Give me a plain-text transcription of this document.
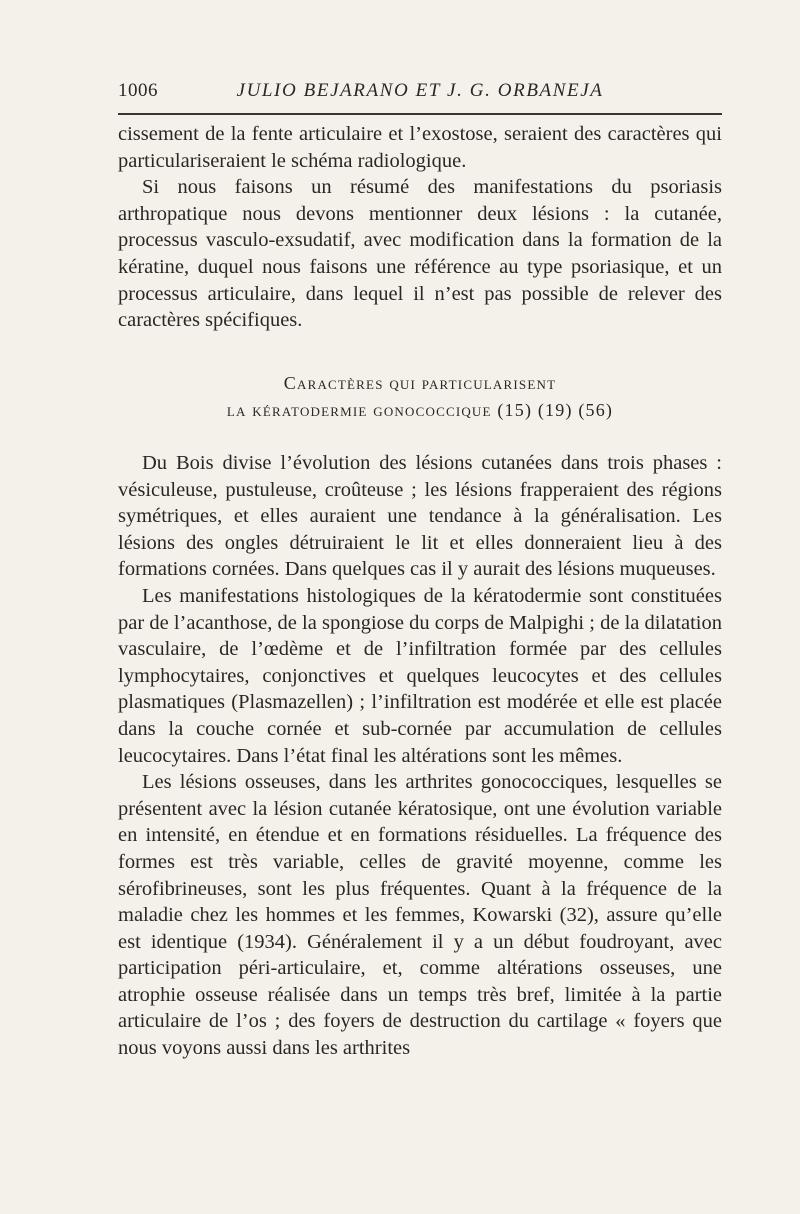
1006	JULIO BEJARANO ET J. G. ORBANEJA

cissement de la fente articulaire et l’exostose, seraient des caractères qui particulariseraient le schéma radiologique.

Si nous faisons un résumé des manifestations du psoriasis arthropatique nous devons mentionner deux lésions : la cutanée, processus vasculo-exsudatif, avec modification dans la formation de la kératine, duquel nous faisons une référence au type psoriasique, et un processus articulaire, dans lequel il n’est pas possible de relever des caractères spécifiques.

Caractères qui particularisent
la kératodermie gonococcique (15) (19) (56)

Du Bois divise l’évolution des lésions cutanées dans trois phases : vésiculeuse, pustuleuse, croûteuse ; les lésions frapperaient des régions symétriques, et elles auraient une tendance à la généralisation. Les lésions des ongles détruiraient le lit et elles donneraient lieu à des formations cornées. Dans quelques cas il y aurait des lésions muqueuses.

Les manifestations histologiques de la kératodermie sont constituées par de l’acanthose, de la spongiose du corps de Malpighi ; de la dilatation vasculaire, de l’œdème et de l’infiltration formée par des cellules lymphocytaires, conjonctives et quelques leucocytes et des cellules plasmatiques (Plasmazellen) ; l’infiltration est modérée et elle est placée dans la couche cornée et sub-cornée par accumulation de cellules leucocytaires. Dans l’état final les altérations sont les mêmes.

Les lésions osseuses, dans les arthrites gonococciques, lesquelles se présentent avec la lésion cutanée kératosique, ont une évolution variable en intensité, en étendue et en formations résiduelles. La fréquence des formes est très variable, celles de gravité moyenne, comme les sérofibrineuses, sont les plus fréquentes. Quant à la fréquence de la maladie chez les hommes et les femmes, Kowarski (32), assure qu’elle est identique (1934). Généralement il y a un début foudroyant, avec participation péri-articulaire, et, comme altérations osseuses, une atrophie osseuse réalisée dans un temps très bref, limitée à la partie articulaire de l’os ; des foyers de destruction du cartilage « foyers que nous voyons aussi dans les arthrites
